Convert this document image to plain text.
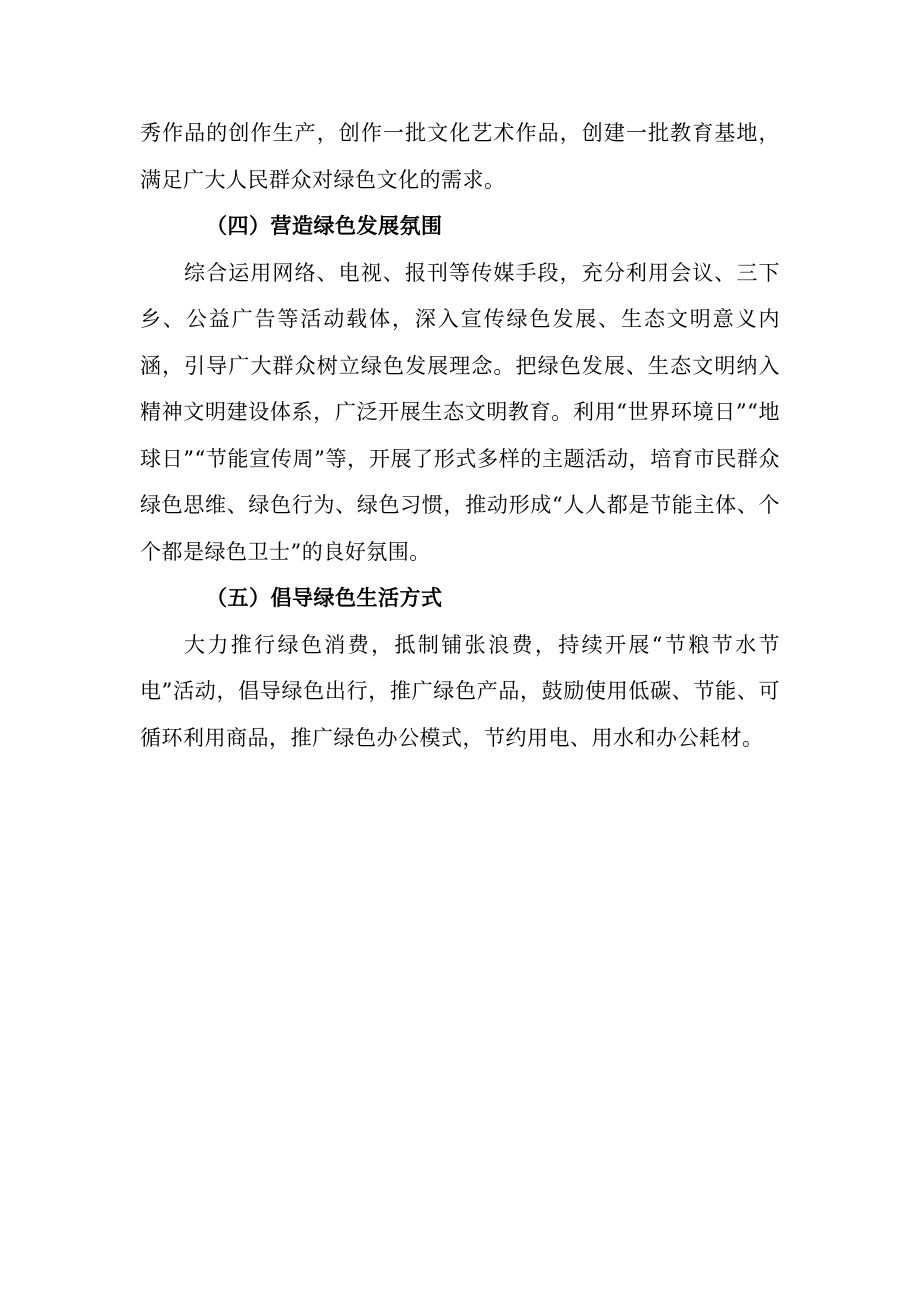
秀作品的创作生产，创作一批文化艺术作品，创建一批教育基地，满足广大人民群众对绿色文化的需求。

（四）营造绿色发展氛围

综合运用网络、电视、报刊等传媒手段，充分利用会议、三下乡、公益广告等活动载体，深入宣传绿色发展、生态文明意义内涵，引导广大群众树立绿色发展理念。把绿色发展、生态文明纳入精神文明建设体系，广泛开展生态文明教育。利用“世界环境日”“地球日”“节能宣传周”等，开展了形式多样的主题活动，培育市民群众绿色思维、绿色行为、绿色习惯，推动形成“人人都是节能主体、个个都是绿色卫士”的良好氛围。

（五）倡导绿色生活方式

大力推行绿色消费，抵制铺张浪费，持续开展“节粮节水节电”活动，倡导绿色出行，推广绿色产品，鼓励使用低碳、节能、可循环利用商品，推广绿色办公模式，节约用电、用水和办公耗材。
